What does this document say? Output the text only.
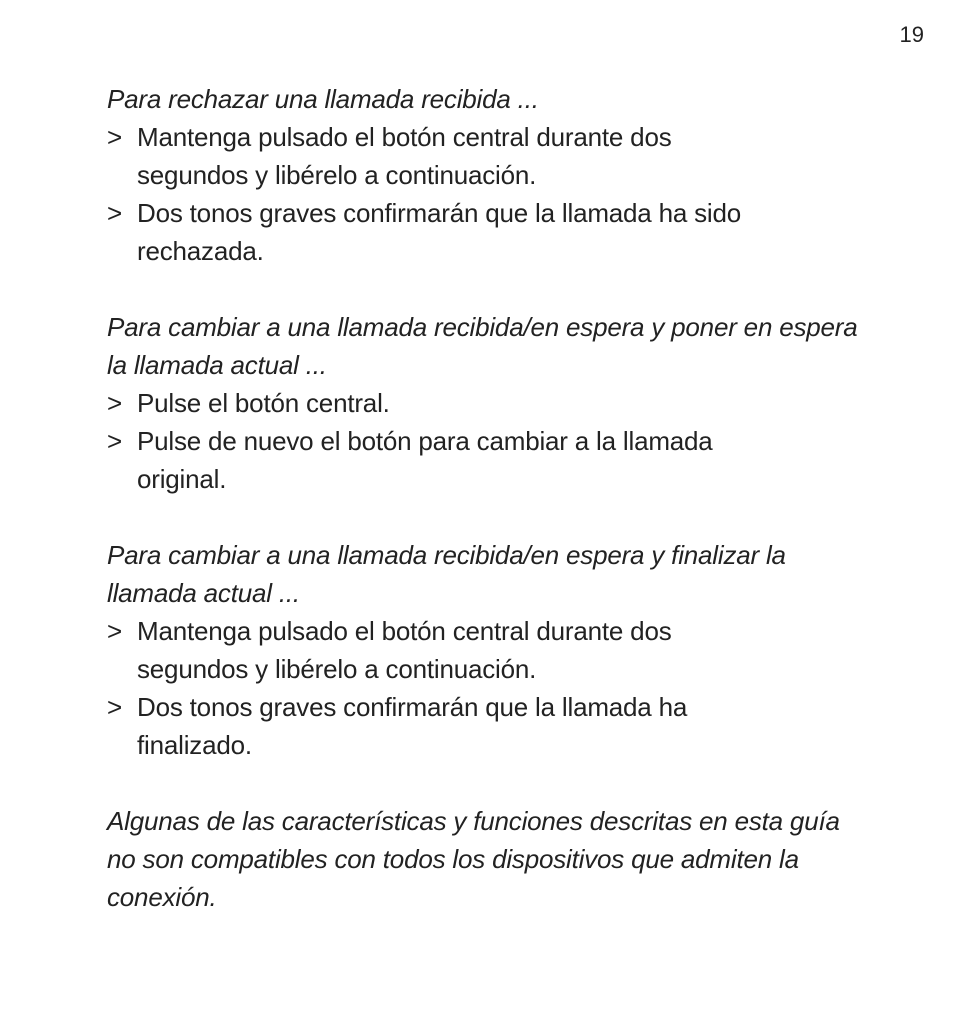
19

Para rechazar una llamada recibida ...

> Mantenga pulsado el botón central durante dos segundos y libérelo a continuación.
> Dos tonos graves confirmarán que la llamada ha sido rechazada.

Para cambiar a una llamada recibida/en espera y poner en espera la llamada actual ...

> Pulse el botón central.
> Pulse de nuevo el botón para cambiar a la llamada original.

Para cambiar a una llamada recibida/en espera y finalizar la llamada actual ...

> Mantenga pulsado el botón central durante dos segundos y libérelo a continuación.
> Dos tonos graves confirmarán que la llamada ha finalizado.

Algunas de las características y funciones descritas en esta guía no son compatibles con todos los dispositivos que admiten la conexión.
